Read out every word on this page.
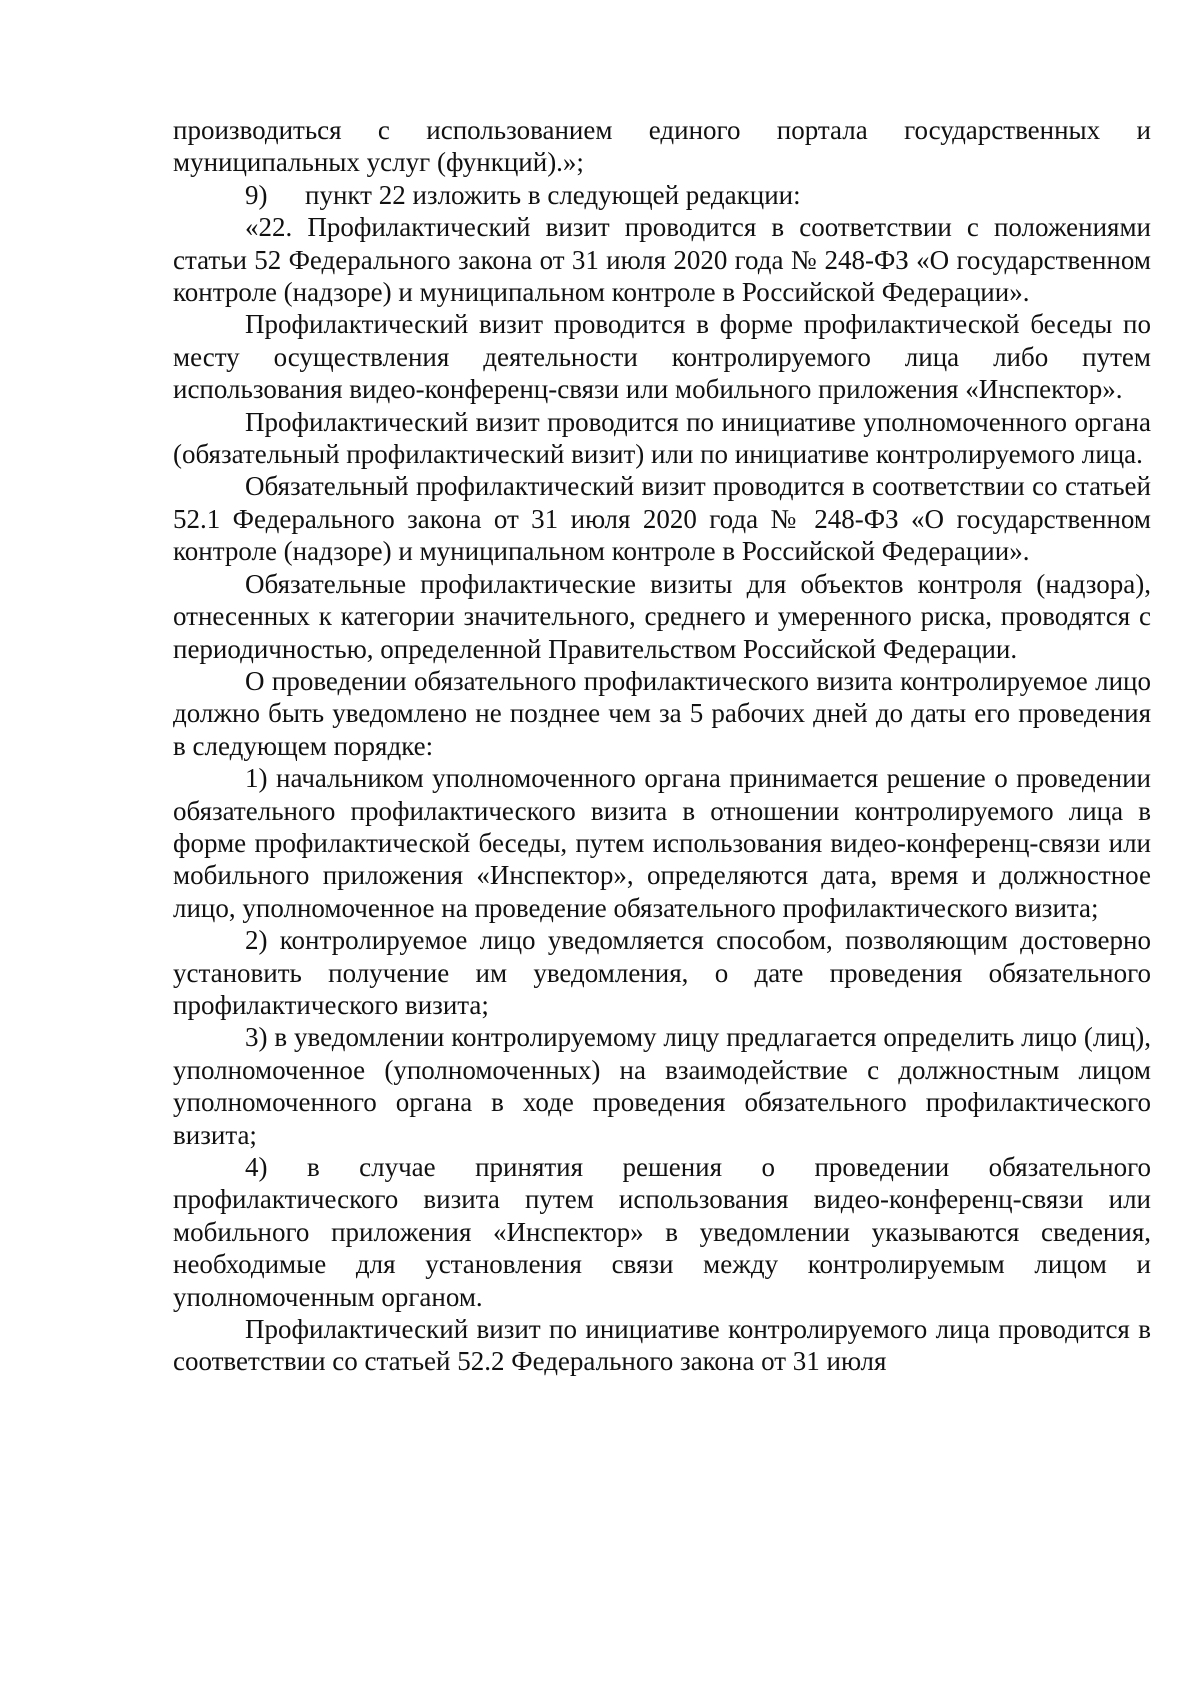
производиться с использованием единого портала государственных и муниципальных услуг (функций).»;

9) пункт 22 изложить в следующей редакции:

«22. Профилактический визит проводится в соответствии с положениями статьи 52 Федерального закона от 31 июля 2020 года № 248-ФЗ «О государственном контроле (надзоре) и муниципальном контроле в Российской Федерации».

Профилактический визит проводится в форме профилактической беседы по месту осуществления деятельности контролируемого лица либо путем использования видео-конференц-связи или мобильного приложения «Инспектор».

Профилактический визит проводится по инициативе уполномоченного органа (обязательный профилактический визит) или по инициативе контролируемого лица.

Обязательный профилактический визит проводится в соответствии со статьей 52.1 Федерального закона от 31 июля 2020 года № 248-ФЗ «О государственном контроле (надзоре) и муниципальном контроле в Российской Федерации».

Обязательные профилактические визиты для объектов контроля (надзора), отнесенных к категории значительного, среднего и умеренного риска, проводятся с периодичностью, определенной Правительством Российской Федерации.

О проведении обязательного профилактического визита контролируемое лицо должно быть уведомлено не позднее чем за 5 рабочих дней до даты его проведения в следующем порядке:

1) начальником уполномоченного органа принимается решение о проведении обязательного профилактического визита в отношении контролируемого лица в форме профилактической беседы, путем использования видео-конференц-связи или мобильного приложения «Инспектор», определяются дата, время и должностное лицо, уполномоченное на проведение обязательного профилактического визита;

2) контролируемое лицо уведомляется способом, позволяющим достоверно установить получение им уведомления, о дате проведения обязательного профилактического визита;

3) в уведомлении контролируемому лицу предлагается определить лицо (лиц), уполномоченное (уполномоченных) на взаимодействие с должностным лицом уполномоченного органа в ходе проведения обязательного профилактического визита;

4) в случае принятия решения о проведении обязательного профилактического визита путем использования видео-конференц-связи или мобильного приложения «Инспектор» в уведомлении указываются сведения, необходимые для установления связи между контролируемым лицом и уполномоченным органом.

Профилактический визит по инициативе контролируемого лица проводится в соответствии со статьей 52.2 Федерального закона от 31 июля
